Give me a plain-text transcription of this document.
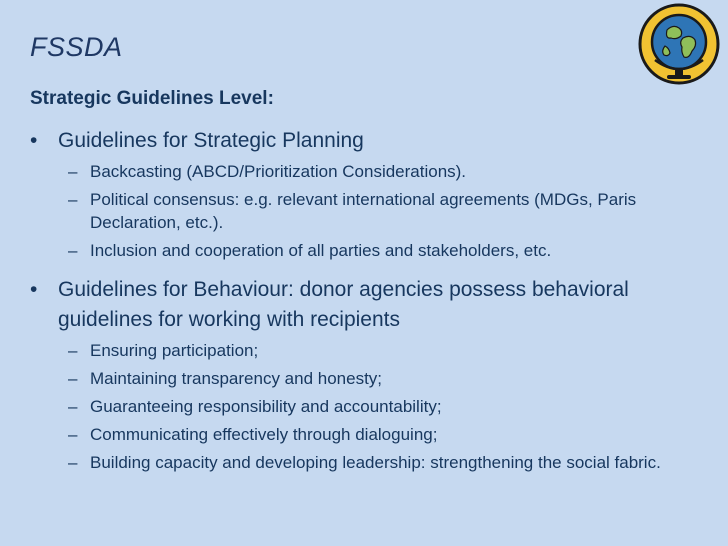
FSSDA
Strategic Guidelines Level:
• Guidelines for Strategic Planning
– Backcasting (ABCD/Prioritization Considerations).
– Political consensus: e.g. relevant international agreements (MDGs, Paris Declaration, etc.).
– Inclusion and cooperation of all parties and stakeholders, etc.
• Guidelines for Behaviour: donor agencies possess behavioral guidelines for working with recipients
– Ensuring participation;
– Maintaining transparency and honesty;
– Guaranteeing responsibility and accountability;
– Communicating effectively through dialoguing;
– Building capacity and developing leadership: strengthening the social fabric.
